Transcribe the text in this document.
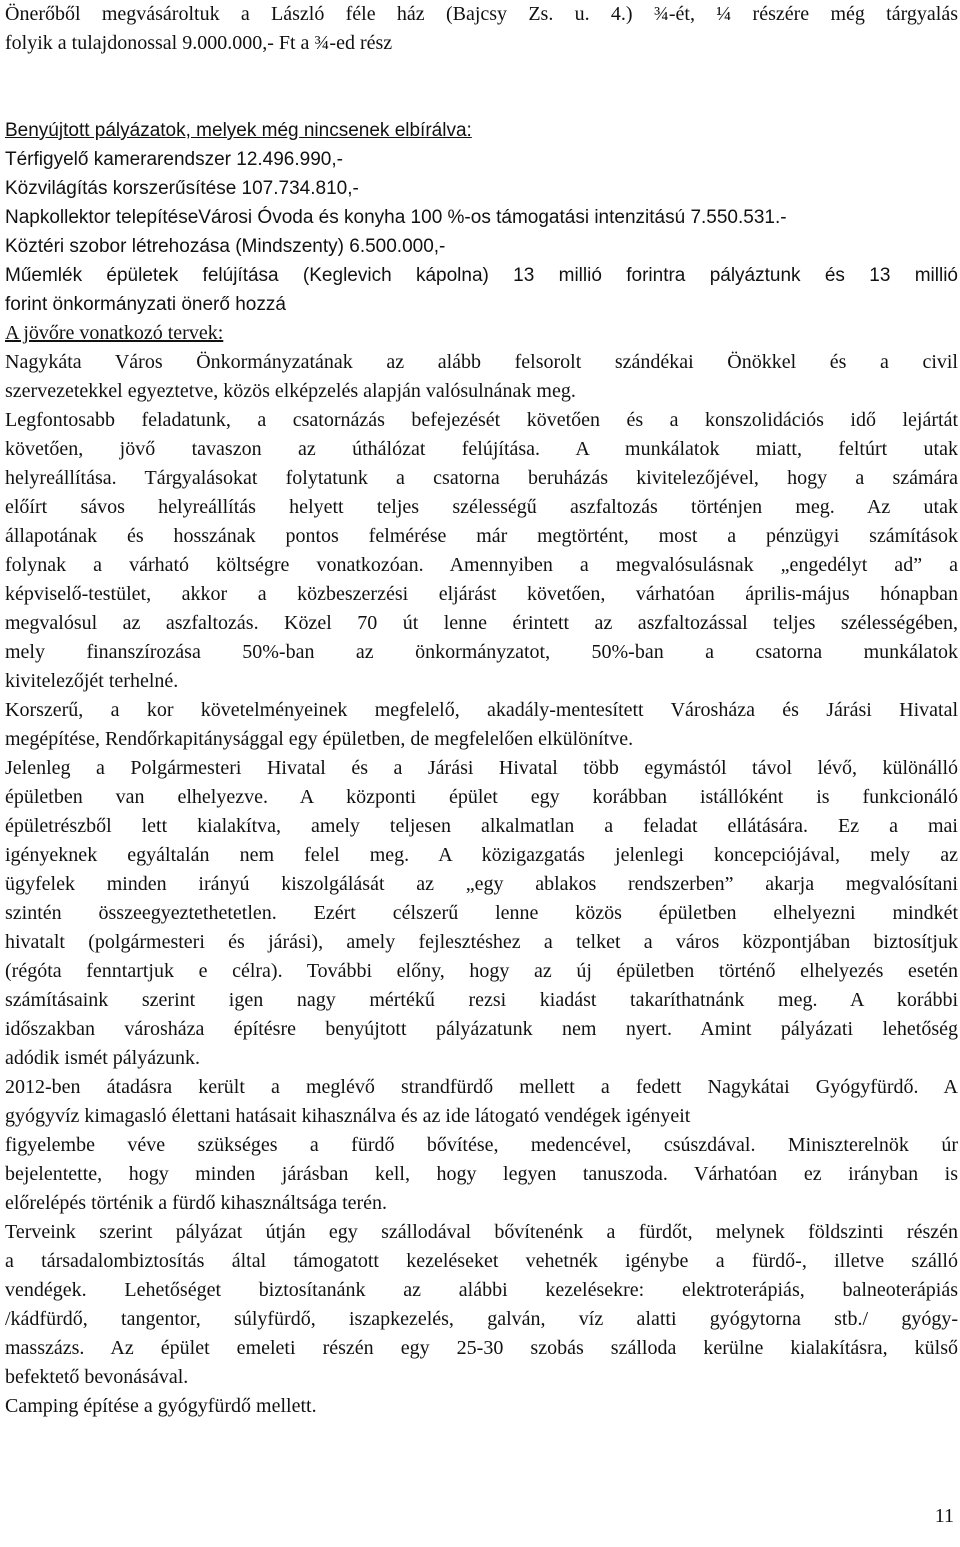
Önerőből megvásároltuk a László féle ház (Bajcsy Zs. u. 4.) ¾-ét, ¼ részére még tárgyalás
folyik a tulajdonossal 9.000.000,- Ft a ¾-ed rész
Benyújtott pályázatok, melyek még nincsenek elbírálva:
Térfigyelő kamerarendszer 12.496.990,-
Közvilágítás korszerűsítése 107.734.810,-
Napkollektor telepítéseVárosi Óvoda és konyha 100 %-os támogatási intenzitású 7.550.531.-
Köztéri szobor létrehozása (Mindszenty) 6.500.000,-
Műemlék épületek felújítása (Keglevich kápolna) 13 millió forintra pályáztunk és 13 millió
forint önkormányzati önerő hozzá
A jövőre vonatkozó tervek:
Nagykáta Város Önkormányzatának az alább felsorolt szándékai Önökkel és a civil
szervezetekkel egyeztetve, közös elképzelés alapján valósulnának meg.
Legfontosabb feladatunk, a csatornázás befejezését követően és a konszolidációs idő lejártát
követően, jövő tavaszon az úthálózat felújítása. A munkálatok miatt, feltúrt utak
helyreállítása. Tárgyalásokat folytatunk a csatorna beruházás kivitelezőjével, hogy a számára
előírt sávos helyreállítás helyett teljes szélességű aszfaltozás történjen meg. Az utak
állapotának és hosszának pontos felmérése már megtörtént, most a pénzügyi számítások
folynak a várható költségre vonatkozóan. Amennyiben a megvalósulásnak „engedélyt ad” a
képviselő-testület, akkor a közbeszerzési eljárást követően, várhatóan április-május hónapban
megvalósul az aszfaltozás. Közel 70 út lenne érintett az aszfaltozással teljes szélességében,
mely finanszírozása 50%-ban az önkormányzatot, 50%-ban a csatorna munkálatok
kivitelezőjét terhelné.
Korszerű, a kor követelményeinek megfelelő, akadály-mentesített Városháza és Járási Hivatal
megépítése, Rendőrkapitánysággal egy épületben, de megfelelően elkülönítve.
Jelenleg a Polgármesteri Hivatal és a Járási Hivatal több egymástól távol lévő, különálló
épületben van elhelyezve. A központi épület egy korábban istállóként is funkcionáló
épületrészből lett kialakítva, amely teljesen alkalmatlan a feladat ellátására. Ez a mai
igényeknek egyáltalán nem felel meg. A közigazgatás jelenlegi koncepciójával, mely az
ügyfelek minden irányú kiszolgálását az „egy ablakos rendszerben” akarja megvalósítani
szintén összeegyeztethetetlen. Ezért célszerű lenne közös épületben elhelyezni mindkét
hivatalt (polgármesteri és járási), amely fejlesztéshez a telket a város központjában biztosítjuk
(régóta fenntartjuk e célra). További előny, hogy az új épületben történő elhelyezés esetén
számításaink szerint igen nagy mértékű rezsi kiadást takaríthatnánk meg. A korábbi
időszakban városháza építésre benyújtott pályázatunk nem nyert. Amint pályázati lehetőség
adódik ismét pályázunk.
2012-ben átadásra került a meglévő strandfürdő mellett a fedett Nagykátai Gyógyfürdő. A
gyógyvíz kimagasló élettani hatásait kihasználva és az ide látogató vendégek igényeit
figyelembe véve szükséges a fürdő bővítése, medencével, csúszdával. Miniszterelnök úr
bejelentette, hogy minden járásban kell, hogy legyen tanuszoda. Várhatóan ez irányban is
előrelépés történik a fürdő kihasználtsága terén.
Terveink szerint pályázat útján egy szállodával bővítenénk a fürdőt, melynek földszinti részén
a társadalombiztosítás által támogatott kezeléseket vehetnék igénybe a fürdő-, illetve szálló
vendégek. Lehetőséget biztosítanánk az alábbi kezelésekre: elektroterápiás, balneoterápiás
/kádfürdő, tangentor, súlyfürdő, iszapkezelés, galván, víz alatti gyógytorna stb./ gyógy-
masszázs. Az épület emeleti részén egy 25-30 szobás szálloda kerülne kialakításra, külső
befektető bevonásával.
Camping építése a gyógyfürdő mellett.
11
